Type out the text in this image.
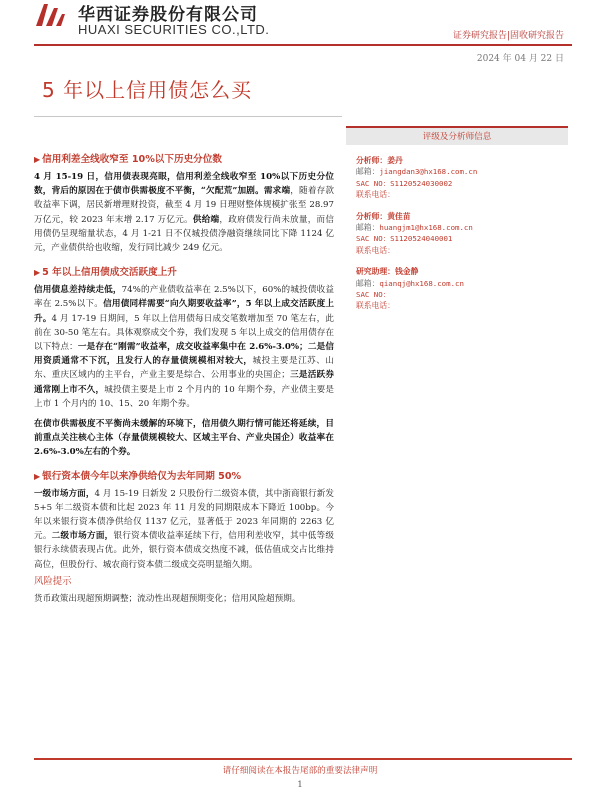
华西证券股份有限公司
HUAXI SECURITIES CO.,LTD.	证券研究报告|固收研究报告
2024 年 04 月 22 日
5 年以上信用债怎么买
▶ 信用利差全线收窄至 10%以下历史分位数

4 月 15-19 日，信用债表现亮眼，信用利差全线收窄至 10%以下历史分位数，背后的原因在于债市供需极度不平衡，“欠配荒”加剧。需求端，随着存款收益率下调，居民新增理财投资，截至 4 月 19 日理财整体规模扩张至 28.97 万亿元，较 2023 年末增 2.17 万亿元。供给端，政府债发行尚未放量，而信用债仍呈现缩量状态，4 月 1-21 日不仅城投债净融资继续同比下降 1124 亿元，产业债供给也收缩，发行同比减少 249 亿元。

▶ 5 年以上信用债成交活跃度上升

信用债息差持续走低，74%的产业债收益率在 2.5%以下，60%的城投债收益率在 2.5%以下。信用债同样需要“向久期要收益率”，5 年以上成交活跃度上升。4 月 17-19 日期间，5 年以上信用债每日成交笔数增加至 70 笔左右，此前在 30-50 笔左右。具体观察成交个券，我们发现 5 年以上成交的信用债存在以下特点：一是存在“刚需”收益率，成交收益率集中在 2.6%-3.0%；二是信用资质通常不下沉，且发行人的存量债规模相对较大，城投主要是江苏、山东、重庆区域内的主平台，产业主要是综合、公用事业的央国企；三是活跃券通常刚上市不久，城投债主要是上市 2 个月内的 10 年期个券，产业债主要是上市 1 个月内的 10、15、20 年期个券。

在债市供需极度不平衡尚未缓解的环境下，信用债久期行情可能还将延续，目前重点关注核心主体（存量债规模较大、区域主平台、产业央国企）收益率在 2.6%-3.0%左右的个券。

▶ 银行资本债今年以来净供给仅为去年同期 50%

一级市场方面，4 月 15-19 日新发 2 只股份行二级资本债，其中浙商银行新发 5+5 年二级资本债和比起 2023 年 11 月发的同期限成本下降近 100bp。今年以来银行资本债净供给仅 1137 亿元，显著低于 2023 年同期的 2263 亿元。二级市场方面，银行资本债收益率延续下行，信用利差收窄，其中低等级银行永续债表现占优。此外，银行资本债成交热度不减，低估值成交占比维持高位，但股份行、城农商行资本债二级成交亮明显缩久期。

风险提示

货币政策出现超预期调整；流动性出现超预期变化；信用风险超预期。

评级及分析师信息
分析师：姜丹
邮箱：jiangdan3@hx168.com.cn
SAC NO：S1120524030002
联系电话：
分析师：黄佳苗
邮箱：huangjm1@hx168.com.cn
SAC NO：S1120524040001
联系电话：
研究助理：钱金静
邮箱：qianqj@hx168.com.cn
SAC NO：
联系电话：
请仔细阅读在本报告尾部的重要法律声明
1
